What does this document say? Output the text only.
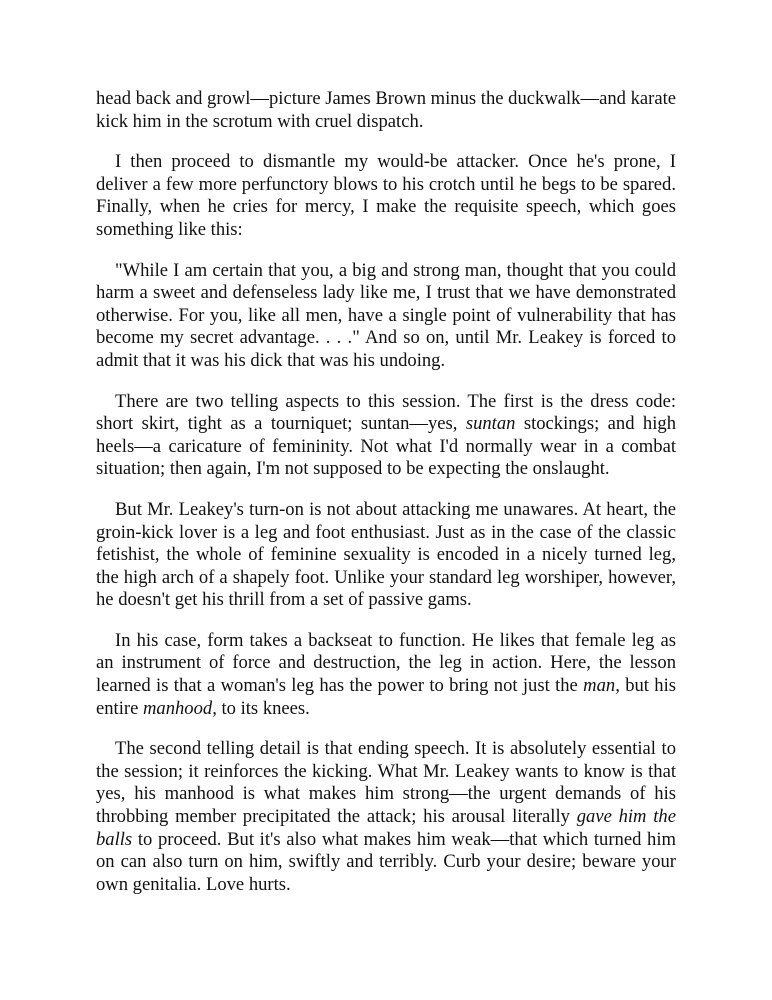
head back and growl—picture James Brown minus the duckwalk—and karate kick him in the scrotum with cruel dispatch.

I then proceed to dismantle my would-be attacker. Once he's prone, I deliver a few more perfunctory blows to his crotch until he begs to be spared. Finally, when he cries for mercy, I make the requisite speech, which goes something like this:

"While I am certain that you, a big and strong man, thought that you could harm a sweet and defenseless lady like me, I trust that we have demonstrated otherwise. For you, like all men, have a single point of vulnerability that has become my secret advantage. . . ." And so on, until Mr. Leakey is forced to admit that it was his dick that was his undoing.

There are two telling aspects to this session. The first is the dress code: short skirt, tight as a tourniquet; suntan—yes, suntan stockings; and high heels—a caricature of femininity. Not what I'd normally wear in a combat situation; then again, I'm not supposed to be expecting the onslaught.

But Mr. Leakey's turn-on is not about attacking me unawares. At heart, the groin-kick lover is a leg and foot enthusiast. Just as in the case of the classic fetishist, the whole of feminine sexuality is encoded in a nicely turned leg, the high arch of a shapely foot. Unlike your standard leg worshiper, however, he doesn't get his thrill from a set of passive gams.

In his case, form takes a backseat to function. He likes that female leg as an instrument of force and destruction, the leg in action. Here, the lesson learned is that a woman's leg has the power to bring not just the man, but his entire manhood, to its knees.

The second telling detail is that ending speech. It is absolutely essential to the session; it reinforces the kicking. What Mr. Leakey wants to know is that yes, his manhood is what makes him strong—the urgent demands of his throbbing member precipitated the attack; his arousal literally gave him the balls to proceed. But it's also what makes him weak—that which turned him on can also turn on him, swiftly and terribly. Curb your desire; beware your own genitalia. Love hurts.
